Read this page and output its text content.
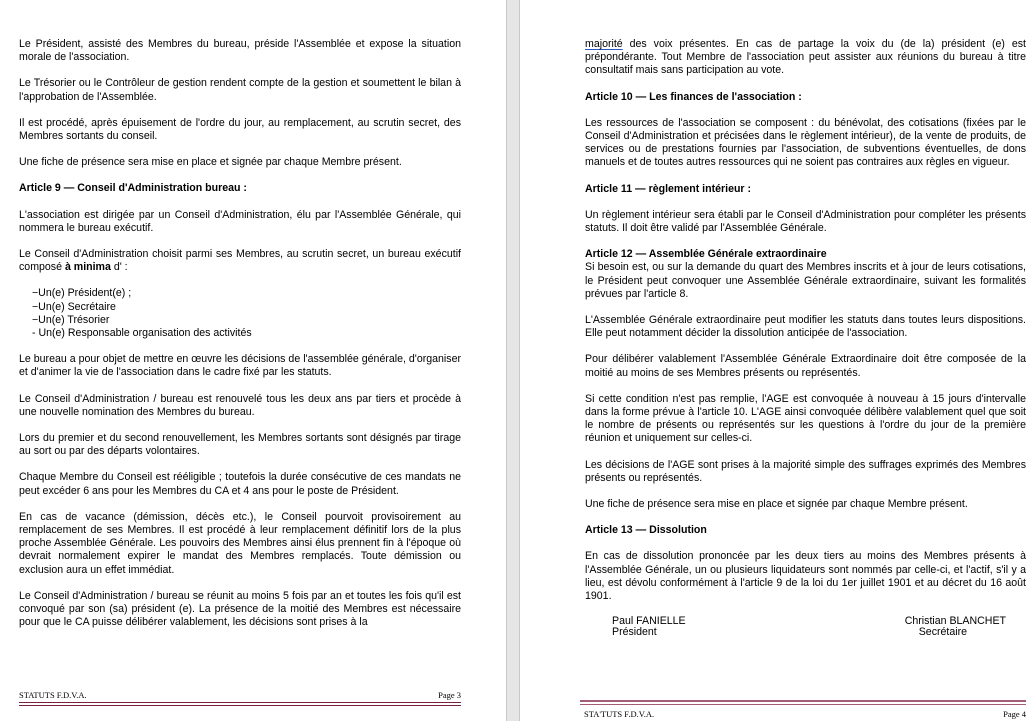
Le Président, assisté des Membres du bureau, préside l'Assemblée et expose la situation morale de l'association.

Le Trésorier ou le Contrôleur de gestion rendent compte de la gestion et soumettent le bilan à l'approbation de l'Assemblée.

Il est procédé, après épuisement de l'ordre du jour, au remplacement, au scrutin secret, des Membres sortants du conseil.

Une fiche de présence sera mise en place et signée par chaque Membre présent.

Article 9 — Conseil d'Administration bureau :

L'association est dirigée par un Conseil d'Administration, élu par l'Assemblée Générale, qui nommera le bureau exécutif.

Le Conseil d'Administration choisit parmi ses Membres, au scrutin secret, un bureau exécutif composé à minima d' :

−Un(e) Président(e) ;
−Un(e) Secrétaire
−Un(e) Trésorier
- Un(e) Responsable organisation des activités

Le bureau a pour objet de mettre en œuvre les décisions de l'assemblée générale, d'organiser et d'animer la vie de l'association dans le cadre fixé par les statuts.

Le Conseil d'Administration / bureau est renouvelé tous les deux ans par tiers et procède à une nouvelle nomination des Membres du bureau.

Lors du premier et du second renouvellement, les Membres sortants sont désignés par tirage au sort ou par des départs volontaires.

Chaque Membre du Conseil est rééligible ; toutefois la durée consécutive de ces mandats ne peut excéder 6 ans pour les Membres du CA et 4 ans pour le poste de Président.

En cas de vacance (démission, décès etc.), le Conseil pourvoit provisoirement au remplacement de ses Membres. Il est procédé à leur remplacement définitif lors de la plus proche Assemblée Générale. Les pouvoirs des Membres ainsi élus prennent fin à l'époque où devrait normalement expirer le mandat des Membres remplacés. Toute démission ou exclusion aura un effet immédiat.

Le Conseil d'Administration / bureau se réunit au moins 5 fois par an et toutes les fois qu'il est convoqué par son (sa) président (e). La présence de la moitié des Membres est nécessaire pour que le CA puisse délibérer valablement, les décisions sont prises à la

STATUTS F.D.V.A.	Page 3

majorité des voix présentes. En cas de partage la voix du (de la) président (e) est prépondérante. Tout Membre de l'association peut assister aux réunions du bureau à titre consultatif mais sans participation au vote.

Article 10 — Les finances de l'association :

Les ressources de l'association se composent : du bénévolat, des cotisations (fixées par le Conseil d'Administration et précisées dans le règlement intérieur), de la vente de produits, de services ou de prestations fournies par l'association, de subventions éventuelles, de dons manuels et de toutes autres ressources qui ne soient pas contraires aux règles en vigueur.

Article 11 — règlement intérieur :

Un règlement intérieur sera établi par le Conseil d'Administration pour compléter les présents statuts. Il doit être validé par l'Assemblée Générale.

Article 12 — Assemblée Générale extraordinaire

Si besoin est, ou sur la demande du quart des Membres inscrits et à jour de leurs cotisations, le Président peut convoquer une Assemblée Générale extraordinaire, suivant les formalités prévues par l'article 8.

L'Assemblée Générale extraordinaire peut modifier les statuts dans toutes leurs dispositions. Elle peut notamment décider la dissolution anticipée de l'association.

Pour délibérer valablement l'Assemblée Générale Extraordinaire doit être composée de la moitié au moins de ses Membres présents ou représentés.

Si cette condition n'est pas remplie, l'AGE est convoquée à nouveau à 15 jours d'intervalle dans la forme prévue à l'article 10. L'AGE ainsi convoquée délibère valablement quel que soit le nombre de présents ou représentés sur les questions à l'ordre du jour de la première réunion et uniquement sur celles-ci.

Les décisions de l'AGE sont prises à la majorité simple des suffrages exprimés des Membres présents ou représentés.

Une fiche de présence sera mise en place et signée par chaque Membre présent.

Article 13 — Dissolution

En cas de dissolution prononcée par les deux tiers au moins des Membres présents à l'Assemblée Générale, un ou plusieurs liquidateurs sont nommés par celle-ci, et l'actif, s'il y a lieu, est dévolu conformément à l'article 9 de la loi du 1er juillet 1901 et au décret du 16 août 1901.

Paul FANIELLE
Président
Christian BLANCHET
Secrétaire
STA'TUTS F.D.V.A.	Page 4
